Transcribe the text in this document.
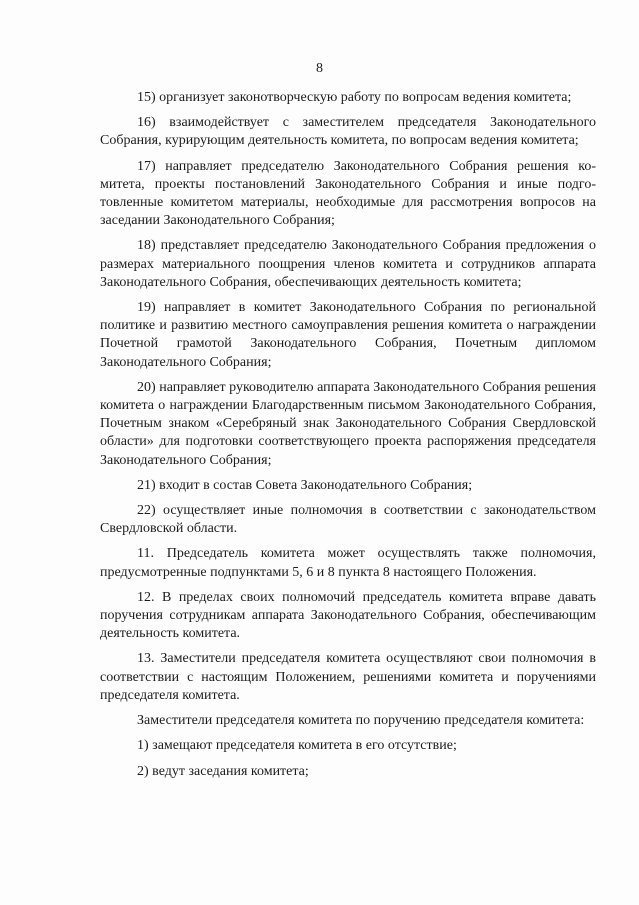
8

15) организует законотворческую работу по вопросам ведения комитета;

16) взаимодействует с заместителем председателя Законодательного Собрания, курирующим деятельность комитета, по вопросам ведения комитета;

17) направляет председателю Законодательного Собрания решения комитета, проекты постановлений Законодательного Собрания и иные подготовленные комитетом материалы, необходимые для рассмотрения вопросов на заседании Законодательного Собрания;

18) представляет председателю Законодательного Собрания предложения о размерах материального поощрения членов комитета и сотрудников аппарата Законодательного Собрания, обеспечивающих деятельность комитета;

19) направляет в комитет Законодательного Собрания по региональной политике и развитию местного самоуправления решения комитета о награждении Почетной грамотой Законодательного Собрания, Почетным дипломом Законодательного Собрания;

20) направляет руководителю аппарата Законодательного Собрания решения комитета о награждении Благодарственным письмом Законодательного Собрания, Почетным знаком «Серебряный знак Законодательного Собрания Свердловской области» для подготовки соответствующего проекта распоряжения председателя Законодательного Собрания;

21) входит в состав Совета Законодательного Собрания;

22) осуществляет иные полномочия в соответствии с законодательством Свердловской области.

11. Председатель комитета может осуществлять также полномочия, предусмотренные подпунктами 5, 6 и 8 пункта 8 настоящего Положения.

12. В пределах своих полномочий председатель комитета вправе давать поручения сотрудникам аппарата Законодательного Собрания, обеспечивающим деятельность комитета.

13. Заместители председателя комитета осуществляют свои полномочия в соответствии с настоящим Положением, решениями комитета и поручениями председателя комитета.

Заместители председателя комитета по поручению председателя комитета:

1) замещают председателя комитета в его отсутствие;

2) ведут заседания комитета;
